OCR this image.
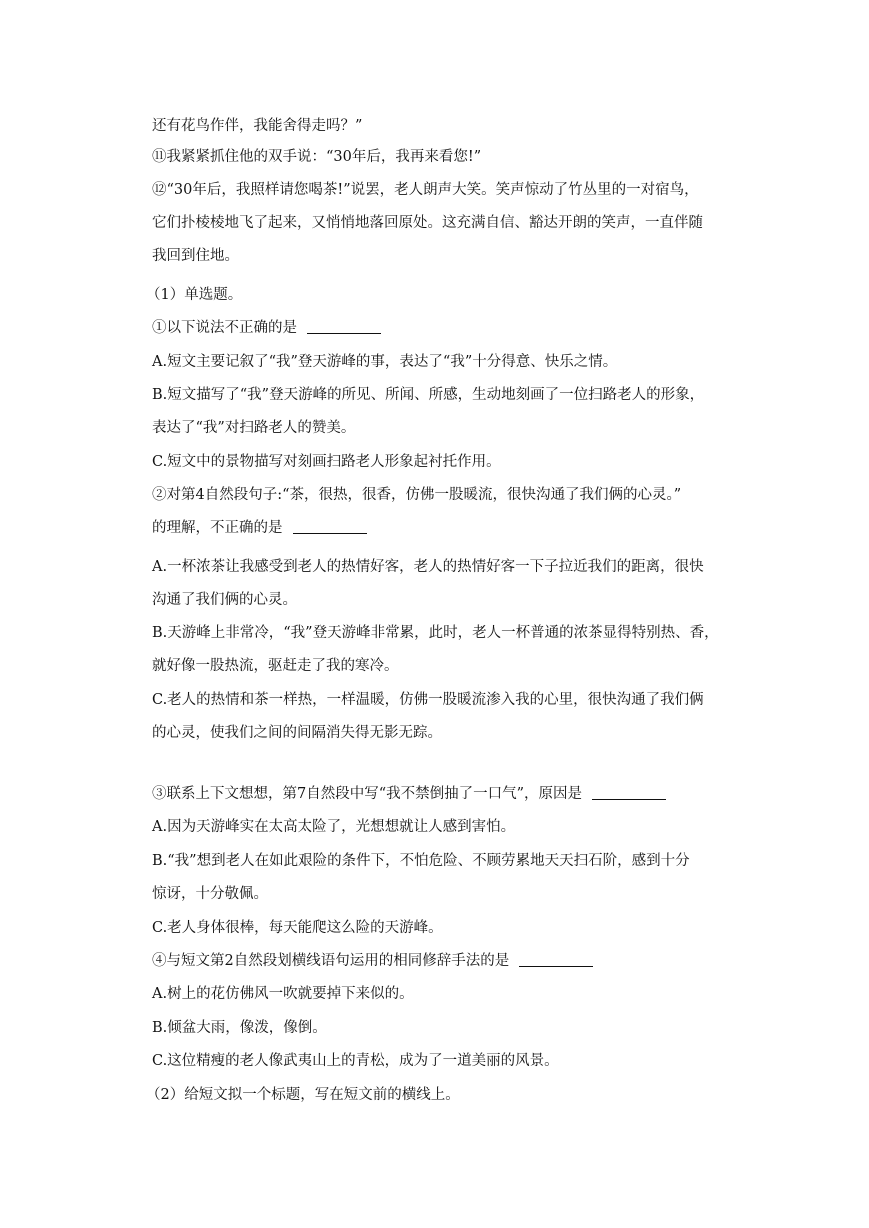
还有花鸟作伴，我能舍得走吗？”
⑪我紧紧抓住他的双手说：“30年后，我再来看您!”
⑫“30年后，我照样请您喝茶!”说罢，老人朗声大笑。笑声惊动了竹丛里的一对宿鸟，
它们扑棱棱地飞了起来，又悄悄地落回原处。这充满自信、豁达开朗的笑声，一直伴随
我回到住地。
（1）单选题。
①以下说法不正确的是
A.短文主要记叙了“我”登天游峰的事，表达了“我”十分得意、快乐之情。
B.短文描写了“我”登天游峰的所见、所闻、所感，生动地刻画了一位扫路老人的形象，
表达了“我”对扫路老人的赞美。
C.短文中的景物描写对刻画扫路老人形象起衬托作用。
②对第4自然段句子:“茶，很热，很香，仿佛一股暖流，很快沟通了我们俩的心灵。”
的理解，不正确的是
A.一杯浓茶让我感受到老人的热情好客，老人的热情好客一下子拉近我们的距离，很快
沟通了我们俩的心灵。
B.天游峰上非常冷，“我”登天游峰非常累，此时，老人一杯普通的浓茶显得特别热、香，
就好像一股热流，驱赶走了我的寒冷。
C.老人的热情和茶一样热，一样温暖，仿佛一股暖流渗入我的心里，很快沟通了我们俩
的心灵，使我们之间的间隔消失得无影无踪。
③联系上下文想想，第7自然段中写“我不禁倒抽了一口气”，原因是
A.因为天游峰实在太高太险了，光想想就让人感到害怕。
B.“我”想到老人在如此艰险的条件下，不怕危险、不顾劳累地天天扫石阶，感到十分
惊讶，十分敬佩。
C.老人身体很棒，每天能爬这么险的天游峰。
④与短文第2自然段划横线语句运用的相同修辞手法的是
A.树上的花仿佛风一吹就要掉下来似的。
B.倾盆大雨，像泼，像倒。
C.这位精瘦的老人像武夷山上的青松，成为了一道美丽的风景。
（2）给短文拟一个标题，写在短文前的横线上。
